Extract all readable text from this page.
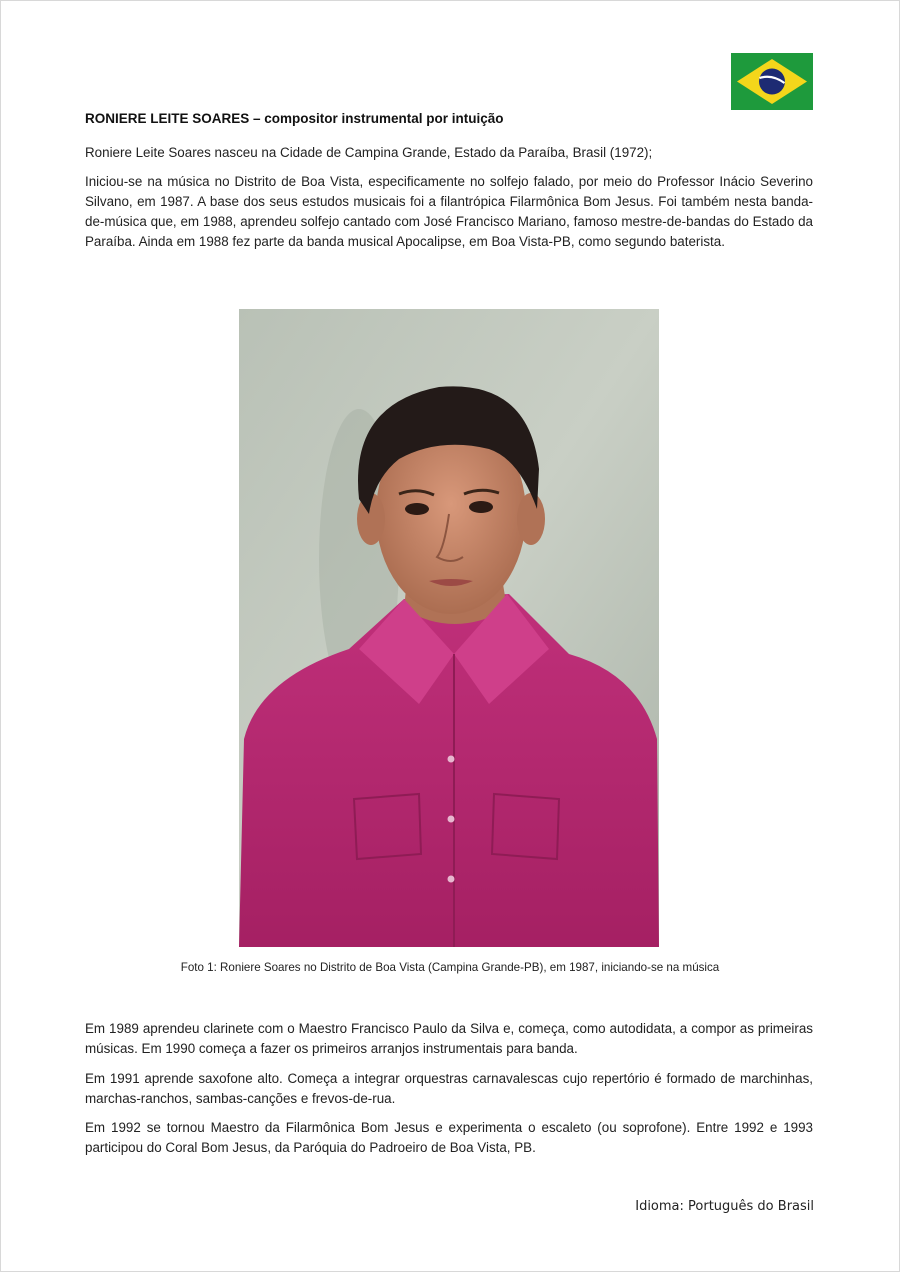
RONIERE LEITE SOARES – compositor instrumental por intuição

Roniere Leite Soares nasceu na Cidade de Campina Grande, Estado da Paraíba, Brasil (1972);

Iniciou-se na música no Distrito de Boa Vista, especificamente no solfejo falado, por meio do Professor Inácio Severino Silvano, em 1987. A base dos seus estudos musicais foi a filantrópica Filarmônica Bom Jesus. Foi também nesta banda-de-música que, em 1988, aprendeu solfejo cantado com José Francisco Mariano, famoso mestre-de-bandas do Estado da Paraíba. Ainda em 1988 fez parte da banda musical Apocalipse, em Boa Vista-PB, como segundo baterista.

Foto 1: Roniere Soares no Distrito de Boa Vista (Campina Grande-PB), em 1987, iniciando-se na música

Em 1989 aprendeu clarinete com o Maestro Francisco Paulo da Silva e, começa, como autodidata, a compor as primeiras músicas. Em 1990 começa a fazer os primeiros arranjos instrumentais para banda.

Em 1991 aprende saxofone alto. Começa a integrar orquestras carnavalescas cujo repertório é formado de marchinhas, marchas-ranchos, sambas-canções e frevos-de-rua.

Em 1992 se tornou Maestro da Filarmônica Bom Jesus e experimenta o escaleto (ou soprofone). Entre 1992 e 1993 participou do Coral Bom Jesus, da Paróquia do Padroeiro de Boa Vista, PB.

Idioma: Português do Brasil
